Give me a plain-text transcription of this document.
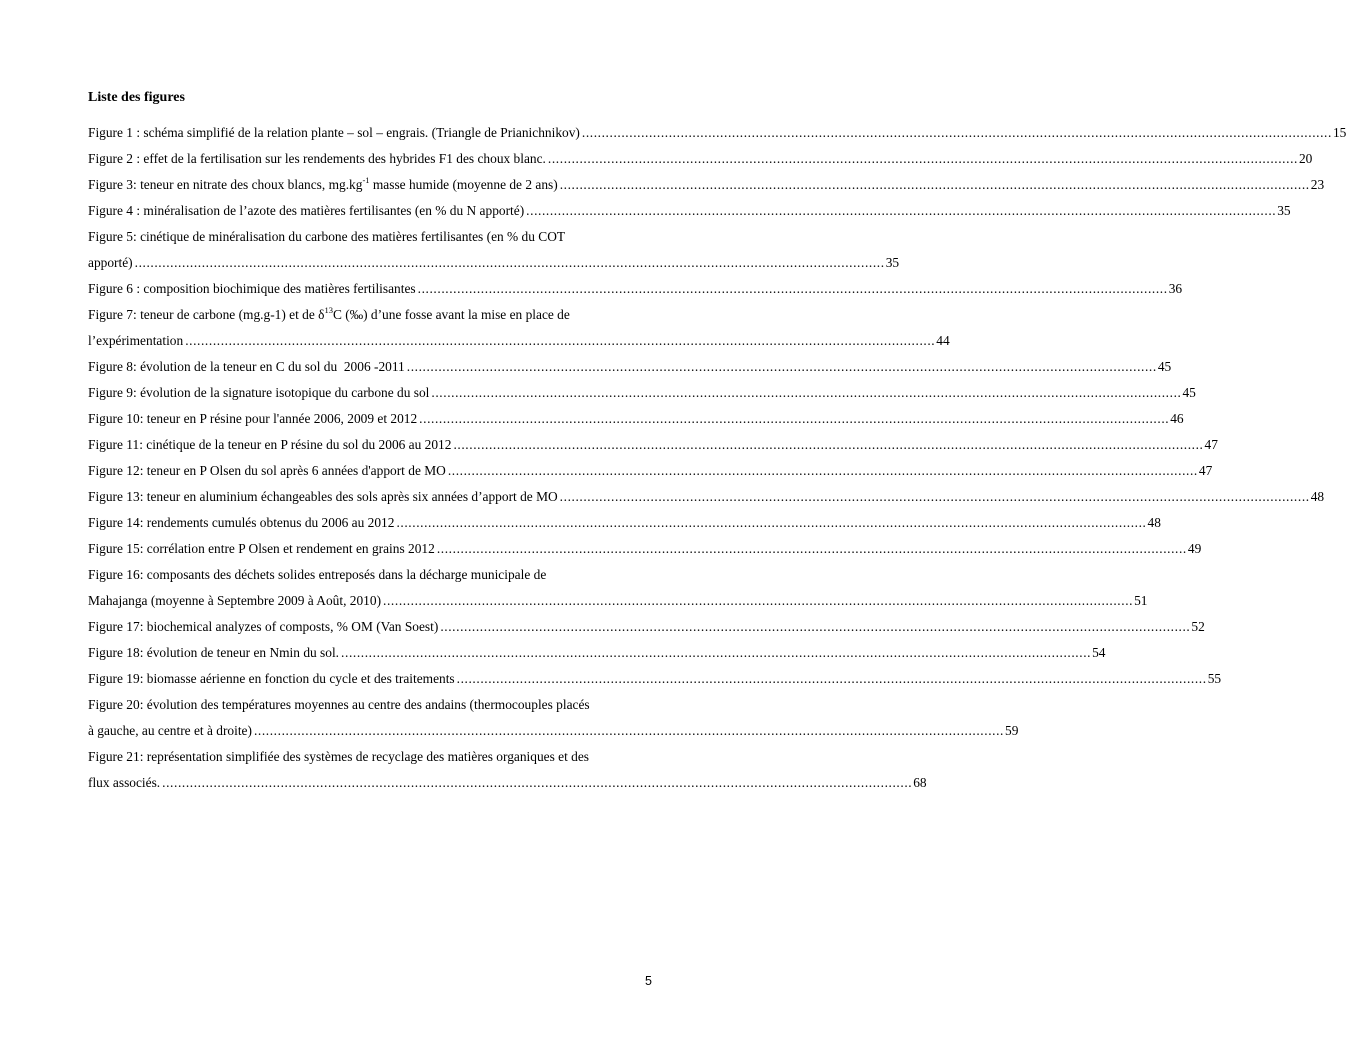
Liste des figures
Figure 1 : schéma simplifié de la relation plante – sol – engrais. (Triangle de Prianichnikov) .............................................................................................................................................................................................. 15
Figure 2 : effet de la fertilisation sur les rendements des hybrides F1 des choux blanc. .............................................................................................................................................................................................. 20
Figure 3: teneur en nitrate des choux blancs, $mg.kg^{-1}$ masse humide (moyenne de 2 ans) .............................................................................................................................................................................................. 23
Figure 4 : minéralisation de l’azote des matières fertilisantes (en % du N apporté) .............................................................................................................................................................................................. 35
Figure 5: cinétique de minéralisation du carbone des matières fertilisantes (en % du COT
apporté) .............................................................................................................................................................................................. 35
Figure 6 : composition biochimique des matières fertilisantes .............................................................................................................................................................................................. 36
Figure 7: teneur de carbone (mg.g-1) et de $\delta^{13}C$ (‰) d’une fosse avant la mise en place de
l’expérimentation .............................................................................................................................................................................................. 44
Figure 8: évolution de la teneur en C du sol du  2006 -2011 .............................................................................................................................................................................................. 45
Figure 9: évolution de la signature isotopique du carbone du sol .............................................................................................................................................................................................. 45
Figure 10: teneur en P résine pour l'année 2006, 2009 et 2012 .............................................................................................................................................................................................. 46
Figure 11: cinétique de la teneur en P résine du sol du 2006 au 2012 .............................................................................................................................................................................................. 47
Figure 12: teneur en P Olsen du sol après 6 années d'apport de MO .............................................................................................................................................................................................. 47
Figure 13: teneur en aluminium échangeables des sols après six années d’apport de MO .............................................................................................................................................................................................. 48
Figure 14: rendements cumulés obtenus du 2006 au 2012 .............................................................................................................................................................................................. 48
Figure 15: corrélation entre P Olsen et rendement en grains 2012 .............................................................................................................................................................................................. 49
Figure 16: composants des déchets solides entreposés dans la décharge municipale de
Mahajanga (moyenne à Septembre 2009 à Août, 2010) .............................................................................................................................................................................................. 51
Figure 17: biochemical analyzes of composts, % OM (Van Soest) .............................................................................................................................................................................................. 52
Figure 18: évolution de teneur en Nmin du sol. .............................................................................................................................................................................................. 54
Figure 19: biomasse aérienne en fonction du cycle et des traitements .............................................................................................................................................................................................. 55
Figure 20: évolution des températures moyennes au centre des andains (thermocouples placés
à gauche, au centre et à droite) .............................................................................................................................................................................................. 59
Figure 21: représentation simplifiée des systèmes de recyclage des matières organiques et des
flux associés. .............................................................................................................................................................................................. 68
5
